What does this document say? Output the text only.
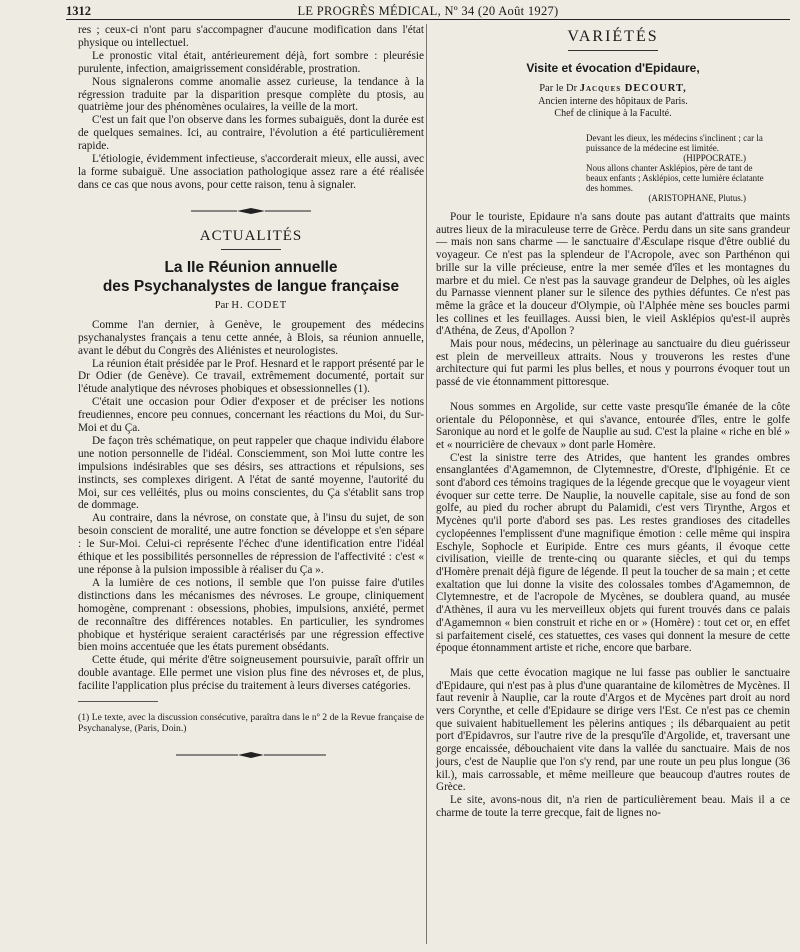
1312	LE PROGRÈS MÉDICAL, Nº 34 (20 Août 1927)

res ; ceux-ci n'ont paru s'accompagner d'aucune modification dans l'état physique ou intellectuel.

Le pronostic vital était, antérieurement déjà, fort sombre : pleurésie purulente, infection, amaigrissement considérable, prostration.

Nous signalerons comme anomalie assez curieuse, la tendance à la régression traduite par la disparition presque complète du ptosis, au quatrième jour des phénomènes oculaires, la veille de la mort.

C'est un fait que l'on observe dans les formes subaiguës, dont la durée est de quelques semaines. Ici, au contraire, l'évolution a été particulièrement rapide.

L'étiologie, évidemment infectieuse, s'accorderait mieux, elle aussi, avec la forme subaiguë. Une association pathologique assez rare a été réalisée dans ce cas que nous avons, pour cette raison, tenu à signaler.

ACTUALITÉS
La IIe Réunion annuelle
des Psychanalystes de langue française
Par H. CODET

Comme l'an dernier, à Genève, le groupement des médecins psychanalystes français a tenu cette année, à Blois, sa réunion annuelle, avant le début du Congrès des Aliénistes et neurologistes.

La réunion était présidée par le Prof. Hesnard et le rapport présenté par le Dr Odier (de Genève). Ce travail, extrêmement documenté, portait sur l'étude analytique des névroses phobiques et obsessionnelles (1).

C'était une occasion pour Odier d'exposer et de préciser les notions freudiennes, encore peu connues, concernant les réactions du Moi, du Sur-Moi et du Ça.

De façon très schématique, on peut rappeler que chaque individu élabore une notion personnelle de l'idéal. Consciemment, son Moi lutte contre les impulsions indésirables que ses désirs, ses attractions et répulsions, ses instincts, ses complexes dirigent. A l'état de santé moyenne, l'autorité du Moi, sur ces velléités, plus ou moins conscientes, du Ça s'établit sans trop de dommage.

Au contraire, dans la névrose, on constate que, à l'insu du sujet, de son besoin conscient de moralité, une autre fonction se développe et s'en sépare : le Sur-Moi. Celui-ci représente l'échec d'une identification entre l'idéal éthique et les possibilités personnelles de répression de l'affectivité : c'est « une réponse à la pulsion impossible à réaliser du Ça ».

A la lumière de ces notions, il semble que l'on puisse faire d'utiles distinctions dans les mécanismes des névroses. Le groupe, cliniquement homogène, comprenant : obsessions, phobies, impulsions, anxiété, permet de reconnaître des différences notables. En particulier, les syndromes phobique et hystérique seraient caractérisés par une régression effective bien moins accentuée que les états purement obsédants.

Cette étude, qui mérite d'être soigneusement poursuivie, paraît offrir un double avantage. Elle permet une vision plus fine des névroses et, de plus, facilite l'application plus précise du traitement à leurs diverses catégories.

(1) Le texte, avec la discussion consécutive, paraîtra dans le nº 2 de la Revue française de Psychanalyse, (Paris, Doin.)
VARIÉTÉS
Visite et évocation d'Epidaure,
Par le Dr Jacques DECOURT,
Ancien interne des hôpitaux de Paris.
Chef de clinique à la Faculté.
Devant les dieux, les médecins s'inclinent ; car la puissance de la médecine est limitée.
(HIPPOCRATE.)
Nous allons chanter Asklépios, père de tant de beaux enfants ; Asklépios, cette lumière éclatante des hommes.
(ARISTOPHANE, Plutus.)

Pour le touriste, Epidaure n'a sans doute pas autant d'attraits que maints autres lieux de la miraculeuse terre de Grèce. Perdu dans un site sans grandeur — mais non sans charme — le sanctuaire d'Æsculape risque d'être oublié du voyageur. Ce n'est pas la splendeur de l'Acropole, avec son Parthénon qui brille sur la ville précieuse, entre la mer semée d'îles et les montagnes du marbre et du miel. Ce n'est pas la sauvage grandeur de Delphes, où les aigles du Parnasse viennent planer sur le silence des pythies défuntes. Ce n'est pas même la grâce et la douceur d'Olympie, où l'Alphée mène ses boucles parmi les collines et les feuillages. Aussi bien, le vieil Asklépios qu'est-il auprès d'Athéna, de Zeus, d'Apollon ?

Mais pour nous, médecins, un pèlerinage au sanctuaire du dieu guérisseur est plein de merveilleux attraits. Nous y trouverons les restes d'une architecture qui fut parmi les plus belles, et nous y pourrons évoquer tout un passé de vie étonnamment pittoresque.

Nous sommes en Argolide, sur cette vaste presqu'île émanée de la côte orientale du Péloponnèse, et qui s'avance, entourée d'îles, entre le golfe Saronique au nord et le golfe de Nauplie au sud. C'est la plaine « riche en blé » et « nourricière de chevaux » dont parle Homère.

C'est la sinistre terre des Atrides, que hantent les grandes ombres ensanglantées d'Agamemnon, de Clytemnestre, d'Oreste, d'Iphigénie. Et ce sont d'abord ces témoins tragiques de la légende grecque que le voyageur vient évoquer sur cette terre. De Nauplie, la nouvelle capitale, sise au fond de son golfe, au pied du rocher abrupt du Palamidi, c'est vers Tirynthe, Argos et Mycènes qu'il porte d'abord ses pas. Les restes grandioses des citadelles cyclopéennes l'emplissent d'une magnifique émotion : celle même qui inspira Eschyle, Sophocle et Euripide. Entre ces murs géants, il évoque cette civilisation, vieille de trente-cinq ou quarante siècles, et qui du temps d'Homère prenait déjà figure de légende. Il peut la toucher de sa main ; et cette exaltation que lui donne la visite des colossales tombes d'Agamemnon, de Clytemnestre, et de l'acropole de Mycènes, se doublera quand, au musée d'Athènes, il aura vu les merveilleux objets qui furent trouvés dans ce palais d'Agamemnon « bien construit et riche en or » (Homère) : tout cet or, en effet si parfaitement ciselé, ces statuettes, ces vases qui donnent la mesure de cette époque étonnamment artiste et riche, encore que barbare.

Mais que cette évocation magique ne lui fasse pas oublier le sanctuaire d'Epidaure, qui n'est pas à plus d'une quarantaine de kilomètres de Mycènes. Il faut revenir à Nauplie, car la route d'Argos et de Mycènes part droit au nord vers Corynthe, et celle d'Epidaure se dirige vers l'Est. Ce n'est pas ce chemin que suivaient habituellement les pèlerins antiques ; ils débarquaient au petit port d'Epidavros, sur l'autre rive de la presqu'île d'Argolide, et, traversant une gorge encaissée, débouchaient vite dans la vallée du sanctuaire. Mais de nos jours, c'est de Nauplie que l'on s'y rend, par une route un peu plus longue (36 kil.), mais carrossable, et même meilleure que beaucoup d'autres routes de Grèce.

Le site, avons-nous dit, n'a rien de particulièrement beau. Mais il a ce charme de toute la terre grecque, fait de lignes no-
